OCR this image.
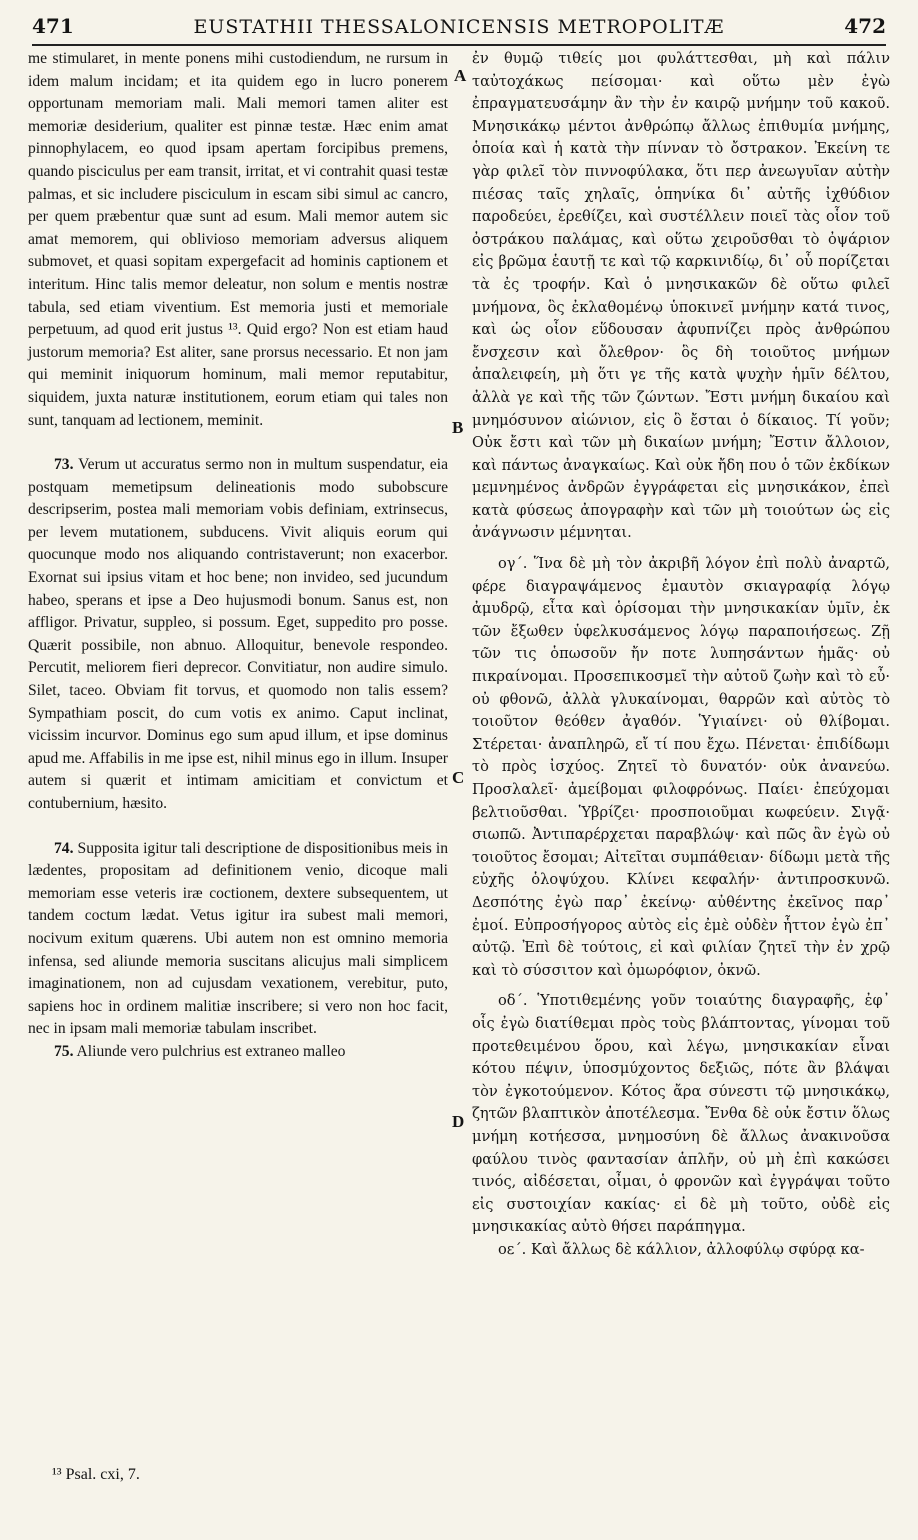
471	EUSTATHII THESSALONICENSIS METROPOLITÆ	472

me stimularet, in mente ponens mihi custodiendum, ne rursum in idem malum incidam; et ita quidem ego in lucro ponerem opportunam memoriam mali. Mali memori tamen aliter est memoriæ desiderium, qualiter est pinnæ testæ. Hæc enim amat pinnophylacem, eo quod ipsam apertam forcipibus premens, quando pisciculus per eam transit, irritat, et vi contrahit quasi testæ palmas, et sic includere pisciculum in escam sibi simul ac cancro, per quem præbentur quæ sunt ad esum. Mali memor autem sic amat memorem, qui oblivioso memoriam adversus aliquem submovet, et quasi sopitam expergefacit ad hominis captionem et interitum. Hinc talis memor deleatur, non solum e mentis nostræ tabula, sed etiam viventium. Est memoria justi et memoriale perpetuum, ad quod erit justus ¹³. Quid ergo? Non est etiam haud justorum memoria? Est aliter, sane prorsus necessario. Et non jam qui meminit iniquorum hominum, mali memor reputabitur, siquidem, juxta naturæ institutionem, eorum etiam qui tales non sunt, tanquam ad lectionem, meminit.

73. Verum ut accuratus sermo non in multum suspendatur, eia postquam memetipsum delineationis modo subobscure descripserim, postea mali memoriam vobis definiam, extrinsecus, per levem mutationem, subducens. Vivit aliquis eorum qui quocunque modo nos aliquando contristaverunt; non exacerbor. Exornat sui ipsius vitam et hoc bene; non invideo, sed jucundum habeo, sperans et ipse a Deo hujusmodi bonum. Sanus est, non affligor. Privatur, suppleo, si possum. Eget, suppedito pro posse. Quærit possibile, non abnuo. Alloquitur, benevole respondeo. Percutit, meliorem fieri deprecor. Convitiatur, non audire simulo. Silet, taceo. Obviam fit torvus, et quomodo non talis essem? Sympathiam poscit, do cum votis ex animo. Caput inclinat, vicissim incurvor. Dominus ego sum apud illum, et ipse dominus apud me. Affabilis in me ipse est, nihil minus ego in illum. Insuper autem si quærit et intimam amicitiam et convictum et contubernium, hæsito.

74. Supposita igitur tali descriptione de dispositionibus meis in lædentes, propositam ad definitionem venio, dicoque mali memoriam esse veteris iræ coctionem, dextere subsequentem, ut tandem coctum lædat. Vetus igitur ira subest mali memori, nocivum exitum quærens. Ubi autem non est omnino memoria infensa, sed aliunde memoria suscitans alicujus mali simplicem imaginationem, non ad cujusdam vexationem, verebitur, puto, sapiens hoc in ordinem malitiæ inscribere; si vero non hoc facit, nec in ipsam mali memoriæ tabulam inscribet.

75. Aliunde vero pulchrius est extraneo malleo

A
B
C
D

ἐν θυμῷ τιθείς μοι φυλάττεσθαι, μὴ καὶ πάλιν ταὐτοχάκως πείσομαι· καὶ οὕτω μὲν ἐγὼ ἐπραγματευσάμην ἂν τὴν ἐν καιρῷ μνήμην τοῦ κακοῦ. Μνησικάκῳ μέντοι ἀνθρώπῳ ἄλλως ἐπιθυμία μνήμης, ὁποία καὶ ἡ κατὰ τὴν πίνναν τὸ ὄστρακον. Ἐκείνη τε γὰρ φιλεῖ τὸν πιννοφύλακα, ὅτι περ ἀνεωγυῖαν αὐτὴν πιέσας ταῖς χηλαῖς, ὁπηνίκα δι᾽ αὐτῆς ἰχθύδιον παροδεύει, ἐρεθίζει, καὶ συστέλλειν ποιεῖ τὰς οἷον τοῦ ὀστράκου παλάμας, καὶ οὕτω χειροῦσθαι τὸ ὀψάριον εἰς βρῶμα ἑαυτῇ τε καὶ τῷ καρκινιδίῳ, δι᾽ οὗ πορίζεται τὰ ἐς τροφήν. Καὶ ὁ μνησικακῶν δὲ οὕτω φιλεῖ μνήμονα, ὃς ἐκλαθομένῳ ὑποκινεῖ μνήμην κατά τινος, καὶ ὡς οἷον εὕδουσαν ἀφυπνίζει πρὸς ἀνθρώπου ἔνσχεσιν καὶ ὄλεθρον· ὃς δὴ τοιοῦτος μνήμων ἀπαλειφείη, μὴ ὅτι γε τῆς κατὰ ψυχὴν ἡμῖν δέλτου, ἀλλὰ γε καὶ τῆς τῶν ζώντων. Ἔστι μνήμη δικαίου καὶ μνημόσυνον αἰώνιον, εἰς ὃ ἔσται ὁ δίκαιος. Τί γοῦν; Οὐκ ἔστι καὶ τῶν μὴ δικαίων μνήμη; Ἔστιν ἄλλοιον, καὶ πάντως ἀναγκαίως. Καὶ οὐκ ἤδη που ὁ τῶν ἐκδίκων μεμνημένος ἀνδρῶν ἐγγράφεται εἰς μνησικάκον, ἐπεὶ κατὰ φύσεως ἀπογραφὴν καὶ τῶν μὴ τοιούτων ὡς εἰς ἀνάγνωσιν μέμνηται.

ογ΄. Ἵνα δὲ μὴ τὸν ἀκριβῆ λόγον ἐπὶ πολὺ ἀναρτῶ, φέρε διαγραψάμενος ἐμαυτὸν σκιαγραφίᾳ λόγῳ ἀμυδρῷ, εἶτα καὶ ὁρίσομαι τὴν μνησικακίαν ὑμῖν, ἐκ τῶν ἔξωθεν ὑφελκυσάμενος λόγῳ παραποιήσεως. Ζῇ τῶν τις ὁπωσοῦν ἤν ποτε λυπησάντων ἡμᾶς· οὐ πικραίνομαι. Προσεπικοσμεῖ τὴν αὐτοῦ ζωὴν καὶ τὸ εὖ· οὐ φθονῶ, ἀλλὰ γλυκαίνομαι, θαρρῶν καὶ αὐτὸς τὸ τοιοῦτον θεόθεν ἀγαθόν. Ὑγιαίνει· οὐ θλίβομαι. Στέρεται· ἀναπληρῶ, εἴ τί που ἔχω. Πένεται· ἐπιδίδωμι τὸ πρὸς ἰσχύος. Ζητεῖ τὸ δυνατόν· οὐκ ἀνανεύω. Προσλαλεῖ· ἀμείβομαι φιλοφρόνως. Παίει· ἐπεύχομαι βελτιοῦσθαι. Ὑβρίζει· προσποιοῦμαι κωφεύειν. Σιγᾷ· σιωπῶ. Ἀντιπαρέρχεται παραβλώψ· καὶ πῶς ἂν ἐγὼ οὐ τοιοῦτος ἔσομαι; Αἰτεῖται συμπάθειαν· δίδωμι μετὰ τῆς εὐχῆς ὁλοψύχου. Κλίνει κεφαλήν· ἀντιπροσκυνῶ. Δεσπότης ἐγὼ παρ᾽ ἐκείνῳ· αὐθέντης ἐκεῖνος παρ᾽ ἐμοί. Εὐπροσήγορος αὐτὸς εἰς ἐμὲ οὐδὲν ἧττον ἐγὼ ἐπ᾽ αὐτῷ. Ἐπὶ δὲ τούτοις, εἰ καὶ φιλίαν ζητεῖ τὴν ἐν χρῷ καὶ τὸ σύσσιτον καὶ ὁμωρόφιον, ὀκνῶ.

οδ΄. Ὑποτιθεμένης γοῦν τοιαύτης διαγραφῆς, ἐφ᾽ οἷς ἐγὼ διατίθεμαι πρὸς τοὺς βλάπτοντας, γίνομαι τοῦ προτεθειμένου ὅρου, καὶ λέγω, μνησικακίαν εἶναι κότου πέψιν, ὑποσμύχοντος δεξιῶς, πότε ἂν βλάψαι τὸν ἐγκοτούμενον. Κότος ἄρα σύνεστι τῷ μνησικάκῳ, ζητῶν βλαπτικὸν ἀποτέλεσμα. Ἔνθα δὲ οὐκ ἔστιν ὅλως μνήμη κοτήεσσα, μνημοσύνη δὲ ἄλλως ἀνακινοῦσα φαύλου τινὸς φαντασίαν ἁπλῆν, οὐ μὴ ἐπὶ κακώσει τινός, αἰδέσεται, οἶμαι, ὁ φρονῶν καὶ ἐγγράψαι τοῦτο εἰς συστοιχίαν κακίας· εἰ δὲ μὴ τοῦτο, οὐδὲ εἰς μνησικακίας αὐτὸ θήσει παράπηγμα.

οε΄. Καὶ ἄλλως δὲ κάλλιον, ἀλλοφύλῳ σφύρᾳ κα-

¹³ Psal. cxi, 7.
